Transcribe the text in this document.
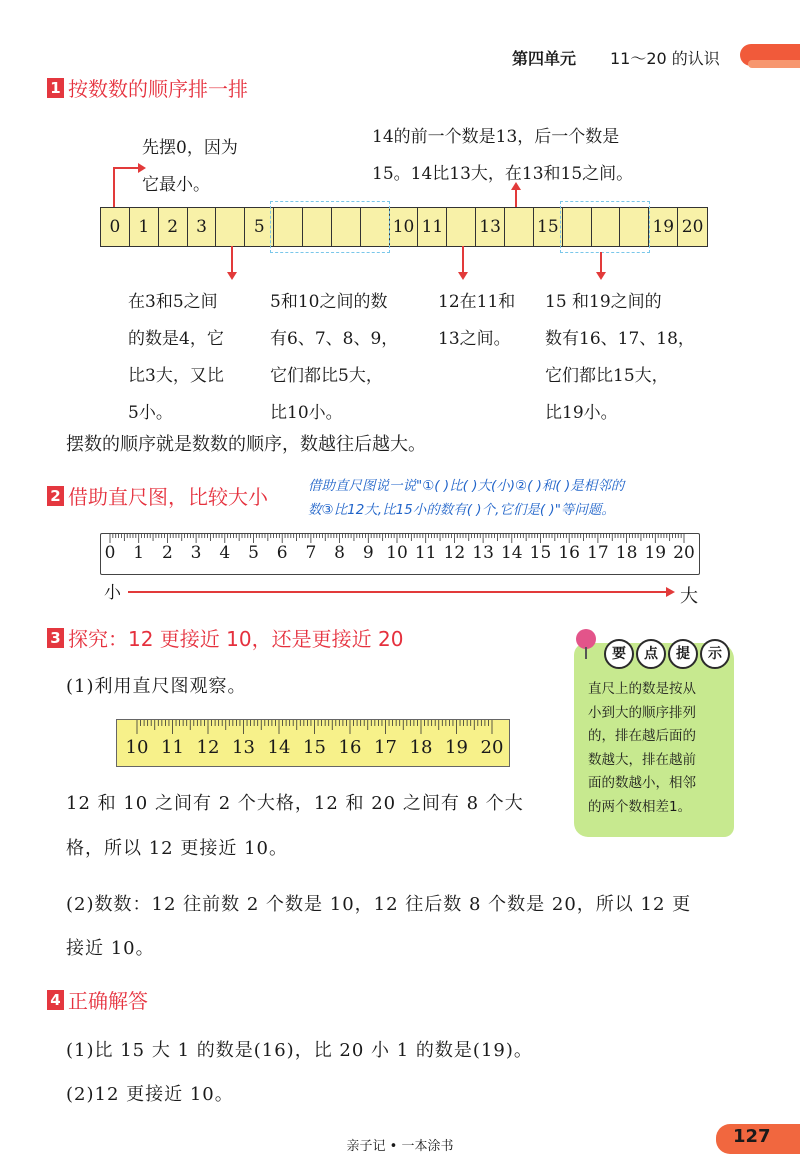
第四单元 11～20 的认识
1 按数数的顺序排一排
先摆0，因为
它最小。
14的前一个数是13，后一个数是
15。14比13大，在13和15之间。
0	1	2	3	5	10 11 13 15	19 20
在3和5之间
的数是4，它
比3大，又比
5小。
5和10之间的数
有6、7、8、9，
它们都比5大，
比10小。
12在11和
13之间。
15 和19之间的
数有16、17、18，
它们都比15大，
比19小。
摆数的顺序就是数数的顺序，数越往后越大。
2 借助直尺图，比较大小	借助直尺图说一说"①( )比( )大(小)②( )和( )是相邻的
数③比12大,比15小的数有( )个,它们是( )"等问题。
0 1 2 3 4 5 6 7 8 9 10 11 12 13 14 15 16 17 18 19 20
小	大
3 探究：12 更接近 10，还是更接近 20
(1)利用直尺图观察。
10 11 12 13 14 15 16 17 18 19 20
12 和 10 之间有 2 个大格，12 和 20 之间有 8 个大
格，所以 12 更接近 10。
(2)数数：12 往前数 2 个数是 10，12 往后数 8 个数是 20，所以 12 更
接近 10。
要	点	提	示
直尺上的数是按从
小到大的顺序排列
的，排在越后面的
数越大，排在越前
面的数越小，相邻
的两个数相差1。
4 正确解答
(1)比 15 大 1 的数是(16)，比 20 小 1 的数是(19)。
(2)12 更接近 10。
亲子记 • 一本涂书	127
